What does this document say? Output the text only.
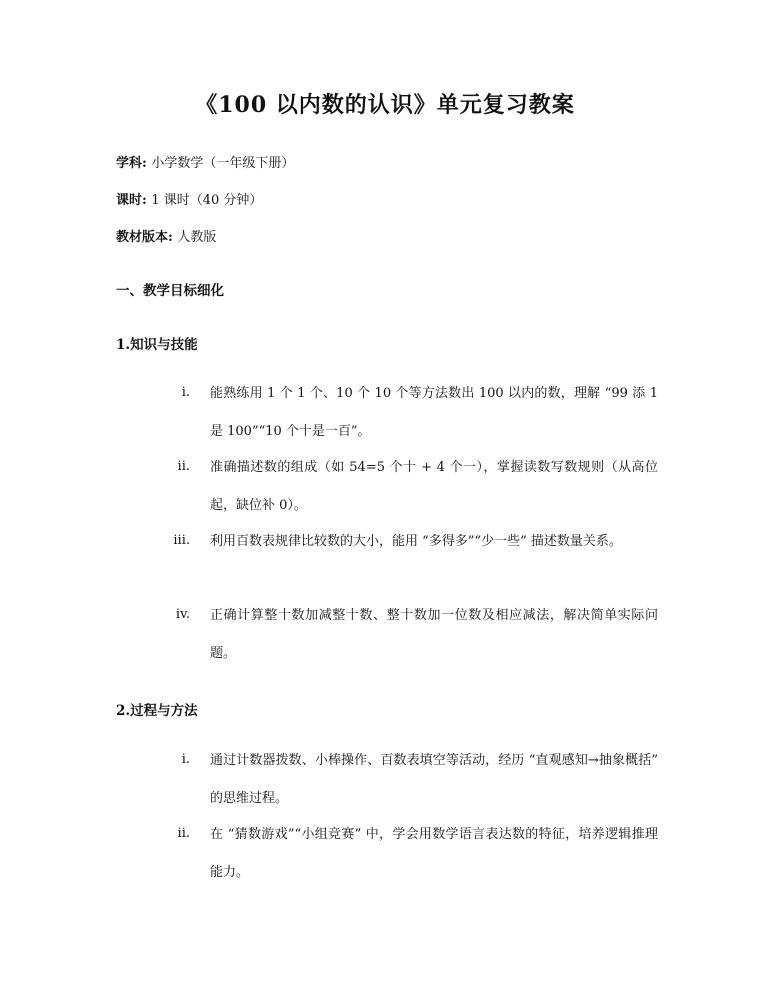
《100 以内数的认识》单元复习教案
学科: 小学数学（一年级下册）
课时: 1 课时（40 分钟）
教材版本: 人教版
一、教学目标细化
1.知识与技能
i. 能熟练用 1 个 1 个、10 个 10 个等方法数出 100 以内的数，理解 “99 添 1 是 100”“10 个十是一百”。
ii. 准确描述数的组成（如 54=5 个十 + 4 个一），掌握读数写数规则（从高位起，缺位补 0）。
iii. 利用百数表规律比较数的大小，能用 “多得多”“少一些” 描述数量关系。
iv. 正确计算整十数加减整十数、整十数加一位数及相应减法，解决简单实际问题。
2.过程与方法
i. 通过计数器拨数、小棒操作、百数表填空等活动，经历 “直观感知→抽象概括” 的思维过程。
ii. 在 “猜数游戏”“小组竞赛” 中，学会用数学语言表达数的特征，培养逻辑推理能力。
